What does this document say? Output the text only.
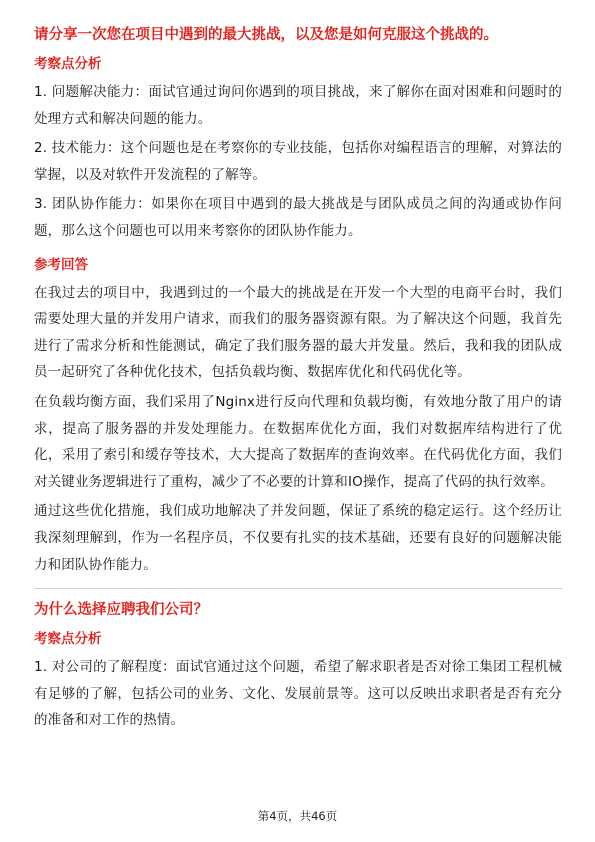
请分享一次您在项目中遇到的最大挑战，以及您是如何克服这个挑战的。

考察点分析

1. 问题解决能力：面试官通过询问你遇到的项目挑战，来了解你在面对困难和问题时的处理方式和解决问题的能力。

2. 技术能力：这个问题也是在考察你的专业技能，包括你对编程语言的理解，对算法的掌握，以及对软件开发流程的了解等。

3. 团队协作能力：如果你在项目中遇到的最大挑战是与团队成员之间的沟通或协作问题，那么这个问题也可以用来考察你的团队协作能力。

参考回答

在我过去的项目中，我遇到过的一个最大的挑战是在开发一个大型的电商平台时，我们需要处理大量的并发用户请求，而我们的服务器资源有限。为了解决这个问题，我首先进行了需求分析和性能测试，确定了我们服务器的最大并发量。然后，我和我的团队成员一起研究了各种优化技术，包括负载均衡、数据库优化和代码优化等。

在负载均衡方面，我们采用了Nginx进行反向代理和负载均衡，有效地分散了用户的请求，提高了服务器的并发处理能力。在数据库优化方面，我们对数据库结构进行了优化，采用了索引和缓存等技术，大大提高了数据库的查询效率。在代码优化方面，我们对关键业务逻辑进行了重构，减少了不必要的计算和IO操作，提高了代码的执行效率。

通过这些优化措施，我们成功地解决了并发问题，保证了系统的稳定运行。这个经历让我深刻理解到，作为一名程序员，不仅要有扎实的技术基础，还要有良好的问题解决能力和团队协作能力。

为什么选择应聘我们公司？

考察点分析

1. 对公司的了解程度：面试官通过这个问题，希望了解求职者是否对徐工集团工程机械有足够的了解，包括公司的业务、文化、发展前景等。这可以反映出求职者是否有充分的准备和对工作的热情。

第4页，共46页
